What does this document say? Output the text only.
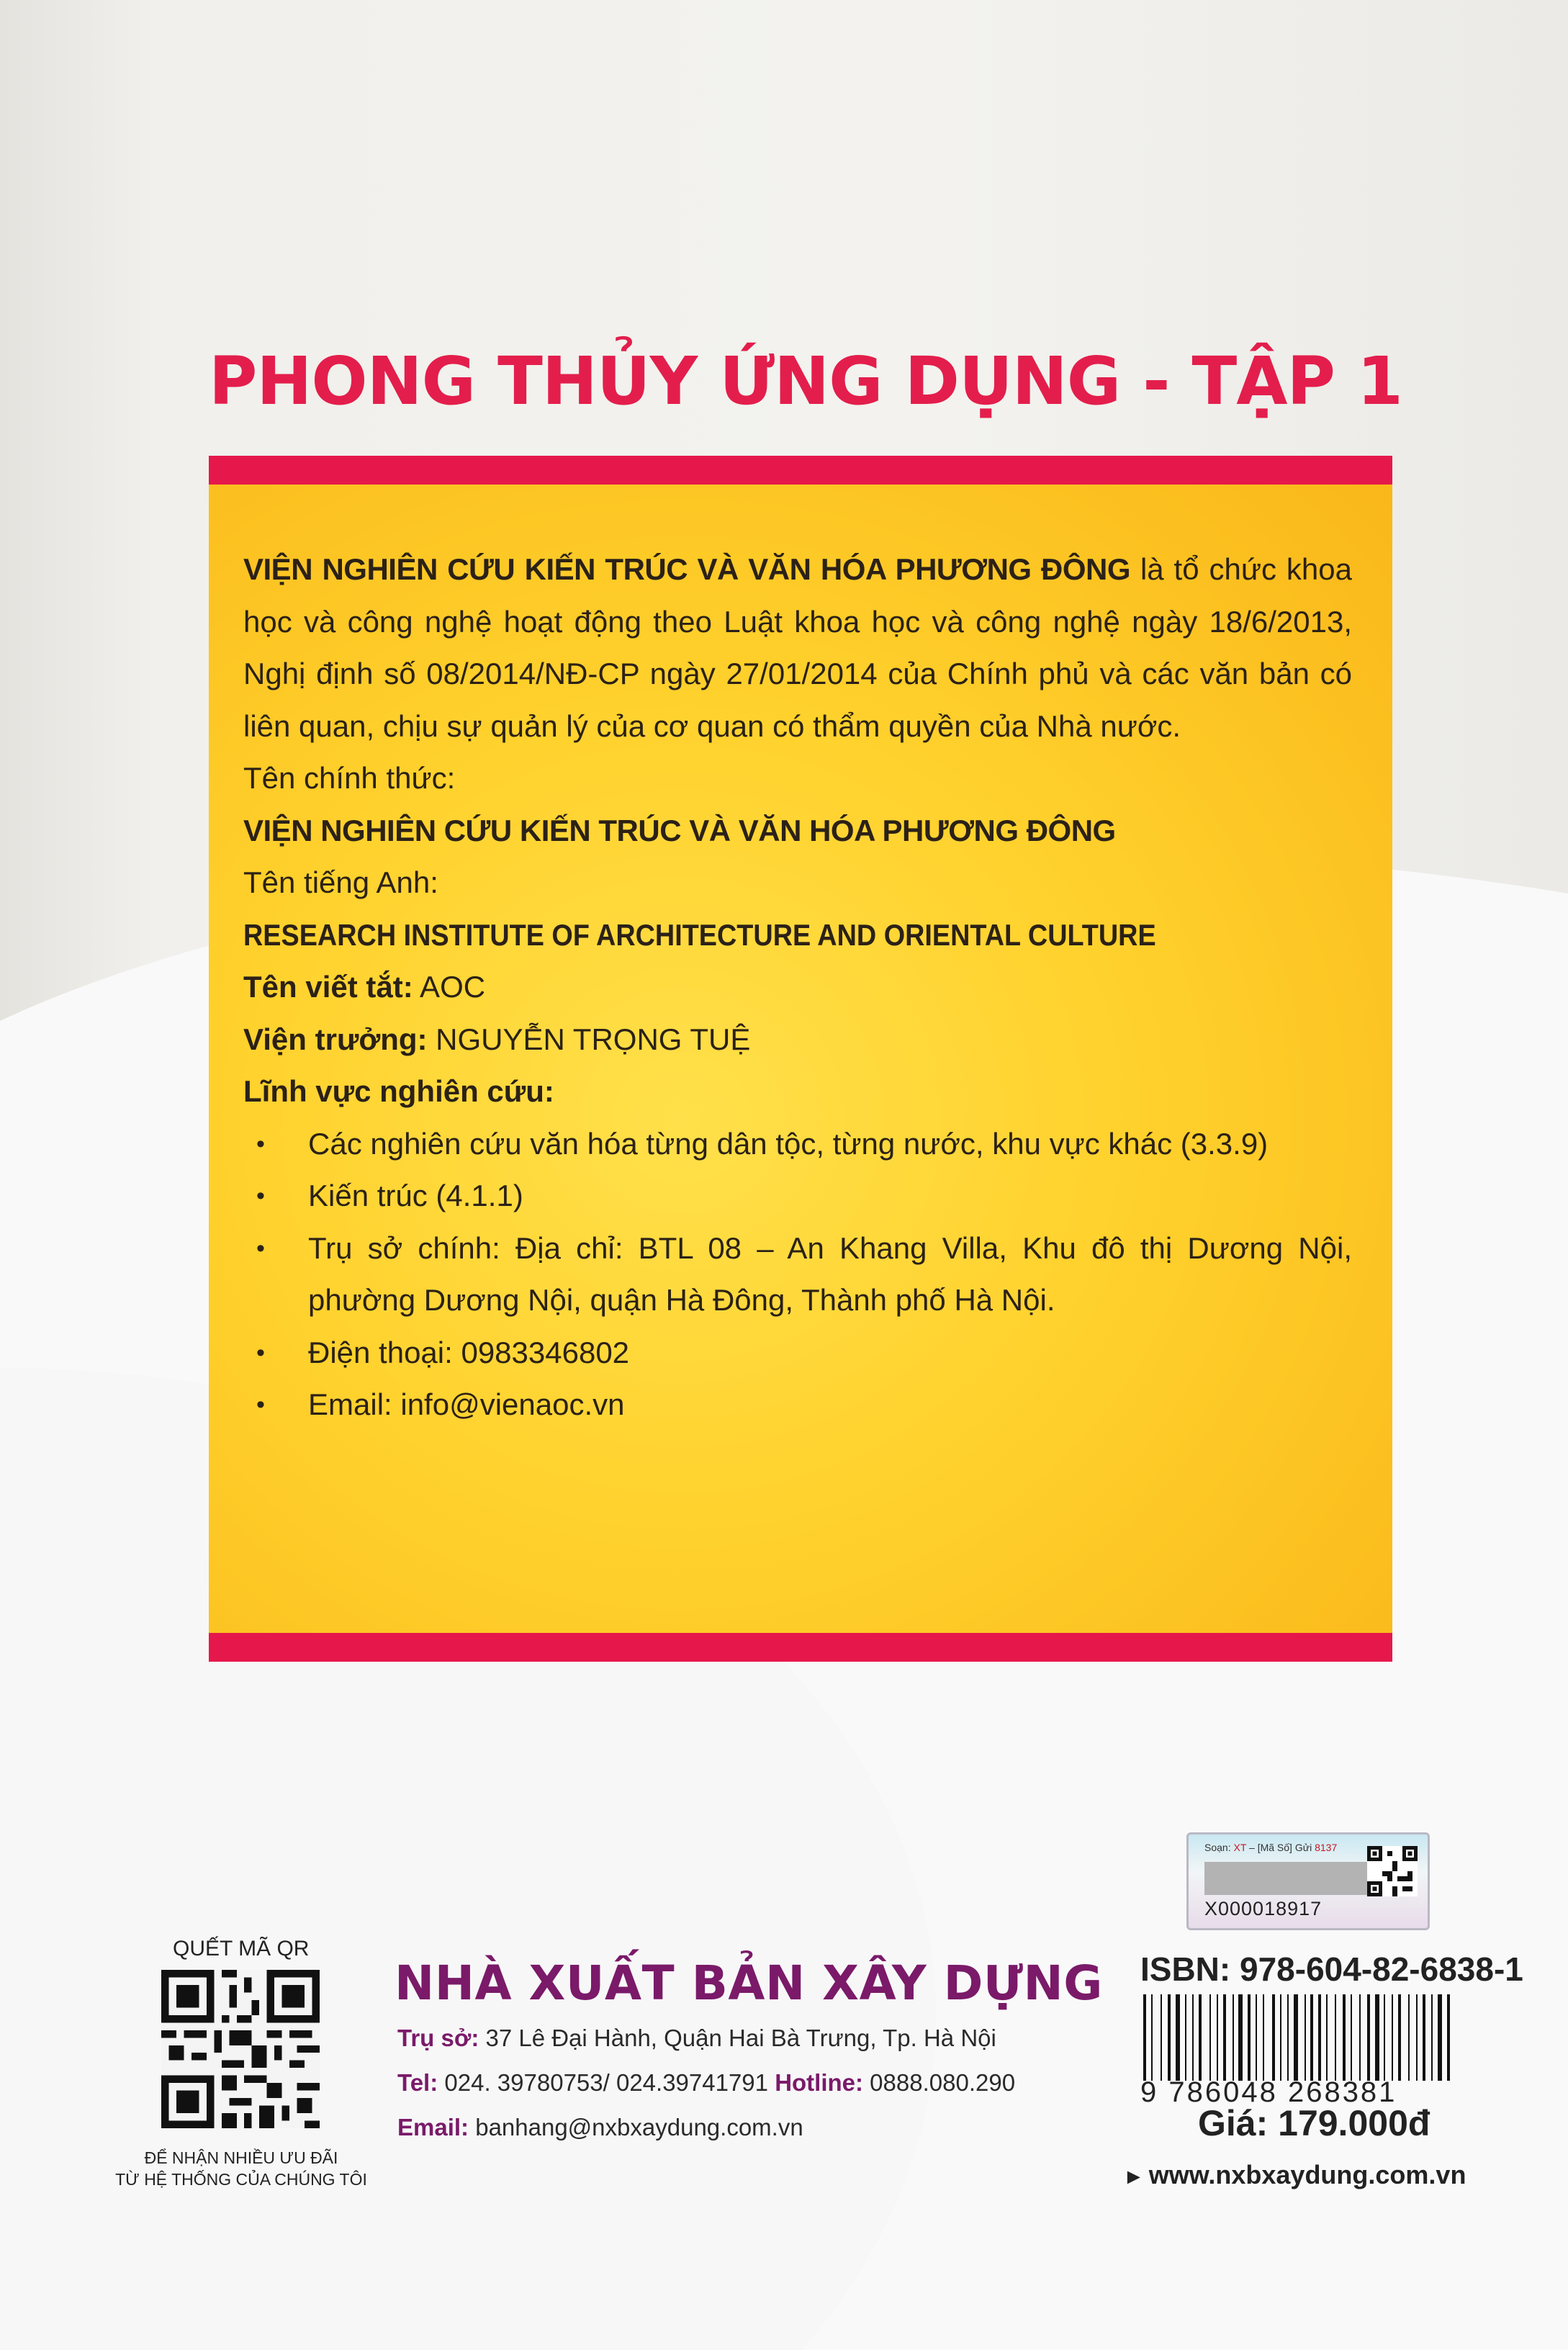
PHONG THỦY ỨNG DỤNG - TẬP 1

VIỆN NGHIÊN CỨU KIẾN TRÚC VÀ VĂN HÓA PHƯƠNG ĐÔNG là tổ chức khoa học và công nghệ hoạt động theo Luật khoa học và công nghệ ngày 18/6/2013, Nghị định số 08/2014/NĐ-CP ngày 27/01/2014 của Chính phủ và các văn bản có liên quan, chịu sự quản lý của cơ quan có thẩm quyền của Nhà nước.

Tên chính thức:

VIỆN NGHIÊN CỨU KIẾN TRÚC VÀ VĂN HÓA PHƯƠNG ĐÔNG

Tên tiếng Anh:

RESEARCH INSTITUTE OF ARCHITECTURE AND ORIENTAL CULTURE

Tên viết tắt: AOC

Viện trưởng: NGUYỄN TRỌNG TUỆ

Lĩnh vực nghiên cứu:

• Các nghiên cứu văn hóa từng dân tộc, từng nước, khu vực khác (3.3.9)
• Kiến trúc (4.1.1)
• Trụ sở chính: Địa chỉ: BTL 08 – An Khang Villa, Khu đô thị Dương Nội, phường Dương Nội, quận Hà Đông, Thành phố Hà Nội.
• Điện thoại: 0983346802
• Email: info@vienaoc.vn
Soạn: XT – [Mã Số] Gửi 8137
X000018917
QUẾT MÃ QR
ĐỂ NHẬN NHIỀU ƯU ĐÃI
TỪ HỆ THỐNG CỦA CHÚNG TÔI
NHÀ XUẤT BẢN XÂY DỰNG
Trụ sở: 37 Lê Đại Hành, Quận Hai Bà Trưng, Tp. Hà Nội
Tel: 024. 39780753/ 024.39741791 Hotline: 0888.080.290
Email: banhang@nxbxaydung.com.vn
ISBN: 978-604-82-6838-1
9 786048 268381
Giá: 179.000đ
► www.nxbxaydung.com.vn
